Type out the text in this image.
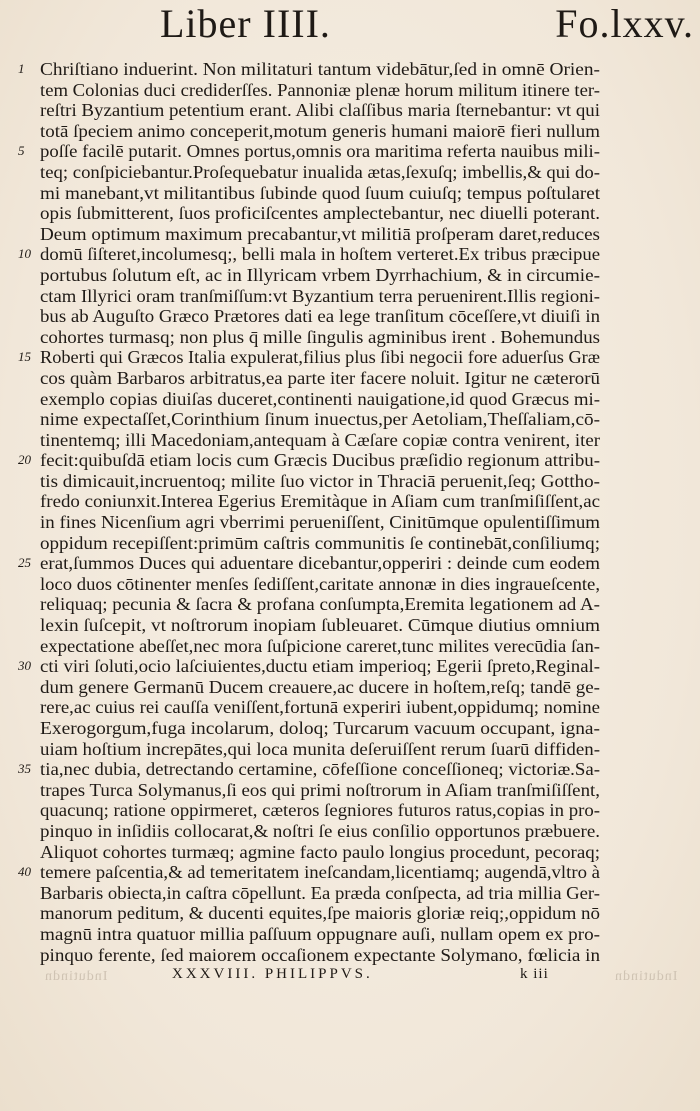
Liber IIII.	Fo.lxxv.
1 Chriſtiano induerint. Non militaturi tantum videbātur,ſed in omnē Orien-
tem Colonias duci crediderſſes. Pannoniæ plenæ horum militum itinere ter-
reſtri Byzantium petentium erant. Alibi claſſibus maria ſternebantur: vt qui
totā ſpeciem animo conceperit,motum generis humani maiorē fieri nullum
5 poſſe facilē putarit. Omnes portus,omnis ora maritima referta nauibus mili-
teq; conſpiciebantur.Proſequebatur inualida ætas,ſexuſq; imbellis,& qui do-
mi manebant,vt militantibus ſubinde quod ſuum cuiuſq; tempus poſtularet
opis ſubmitterent, ſuos proficiſcentes amplectebantur, nec diuelli poterant.
Deum optimum maximum precabantur,vt militiā proſperam daret,reduces
10 domū ſiſteret,incolumesq;, belli mala in hoſtem verteret.Ex tribus præcipue
portubus ſolutum eſt, ac in Illyricam vrbem Dyrrhachium, & in circumie-
ctam Illyrici oram tranſmiſſum:vt Byzantium terra peruenirent.Illis regioni-
bus ab Auguſto Græco Prætores dati ea lege tranſitum cōceſſere,vt diuiſi in
cohortes turmasq; non plus q̄ mille ſingulis agminibus irent . Bohemundus
15 Roberti qui Græcos Italia expulerat,filius plus ſibi negocii fore aduerſus Græ
cos quàm Barbaros arbitratus,ea parte iter facere noluit. Igitur ne cæterorū
exemplo copias diuiſas duceret,continenti nauigatione,id quod Græcus mi-
nime expectaſſet,Corinthium ſinum inuectus,per Aetoliam,Theſſaliam,cō-
tinentemq; illi Macedoniam,antequam à Cæſare copiæ contra venirent, iter
20 fecit:quibuſdā etiam locis cum Græcis Ducibus præſidio regionum attribu-
tis dimicauit,incruentoq; milite ſuo victor in Thraciā peruenit,ſeq; Gottho-
fredo coniunxit.Interea Egerius Eremitàque in Aſiam cum tranſmiſiſſent,ac
in fines Nicenſium agri vberrimi perueniſſent, Cinitūmque opulentiſſimum
oppidum recepiſſent:primūm caſtris communitis ſe continebāt,conſiliumq;
25 erat,ſummos Duces qui aduentare dicebantur,opperiri : deinde cum eodem
loco duos cōtinenter menſes ſediſſent,caritate annonæ in dies ingraueſcente,
reliquaq; pecunia & ſacra & profana conſumpta,Eremita legationem ad A-
lexin ſuſcepit, vt noſtrorum inopiam ſubleuaret. Cūmque diutius omnium
expectatione abeſſet,nec mora ſuſpicione careret,tunc milites verecūdia ſan-
30 cti viri ſoluti,ocio laſciuientes,ductu etiam imperioq; Egerii ſpreto,Reginal-
dum genere Germanū Ducem creauere,ac ducere in hoſtem,reſq; tandē ge-
rere,ac cuius rei cauſſa veniſſent,fortunā experiri iubent,oppidumq; nomine
Exerogorgum,fuga incolarum, doloq; Turcarum vacuum occupant, igna-
uiam hoſtium increpātes,qui loca munita deſeruiſſent rerum ſuarū diffiden-
35 tia,nec dubia, detrectando certamine, cōfeſſione conceſſioneq; victoriæ.Sa-
trapes Turca Solymanus,ſi eos qui primi noſtrorum in Aſiam tranſmiſiſſent,
quacunq; ratione oppirmeret, cæteros ſegniores futuros ratus,copias in pro-
pinquo in inſidiis collocarat,& noſtri ſe eius conſilio opportunos præbuere.
Aliquot cohortes turmæq; agmine facto paulo longius procedunt, pecoraq;
40 temere paſcentia,& ad temeritatem ineſcandam,licentiamq; augendā,vltro à
Barbaris obiecta,in caſtra cōpellunt. Ea præda conſpecta, ad tria millia Ger-
manorum peditum, & ducenti equites,ſpe maioris gloriæ reiq;,oppidum nō
magnū intra quatuor millia paſſuum oppugnare auſi, nullam opem ex pro-
pinquo ferente, ſed maiorem occaſionem expectante Solymano, fœlicia in
Indutindn	Indutindn
XXXVIII. PHILIPPVS.	k iii
